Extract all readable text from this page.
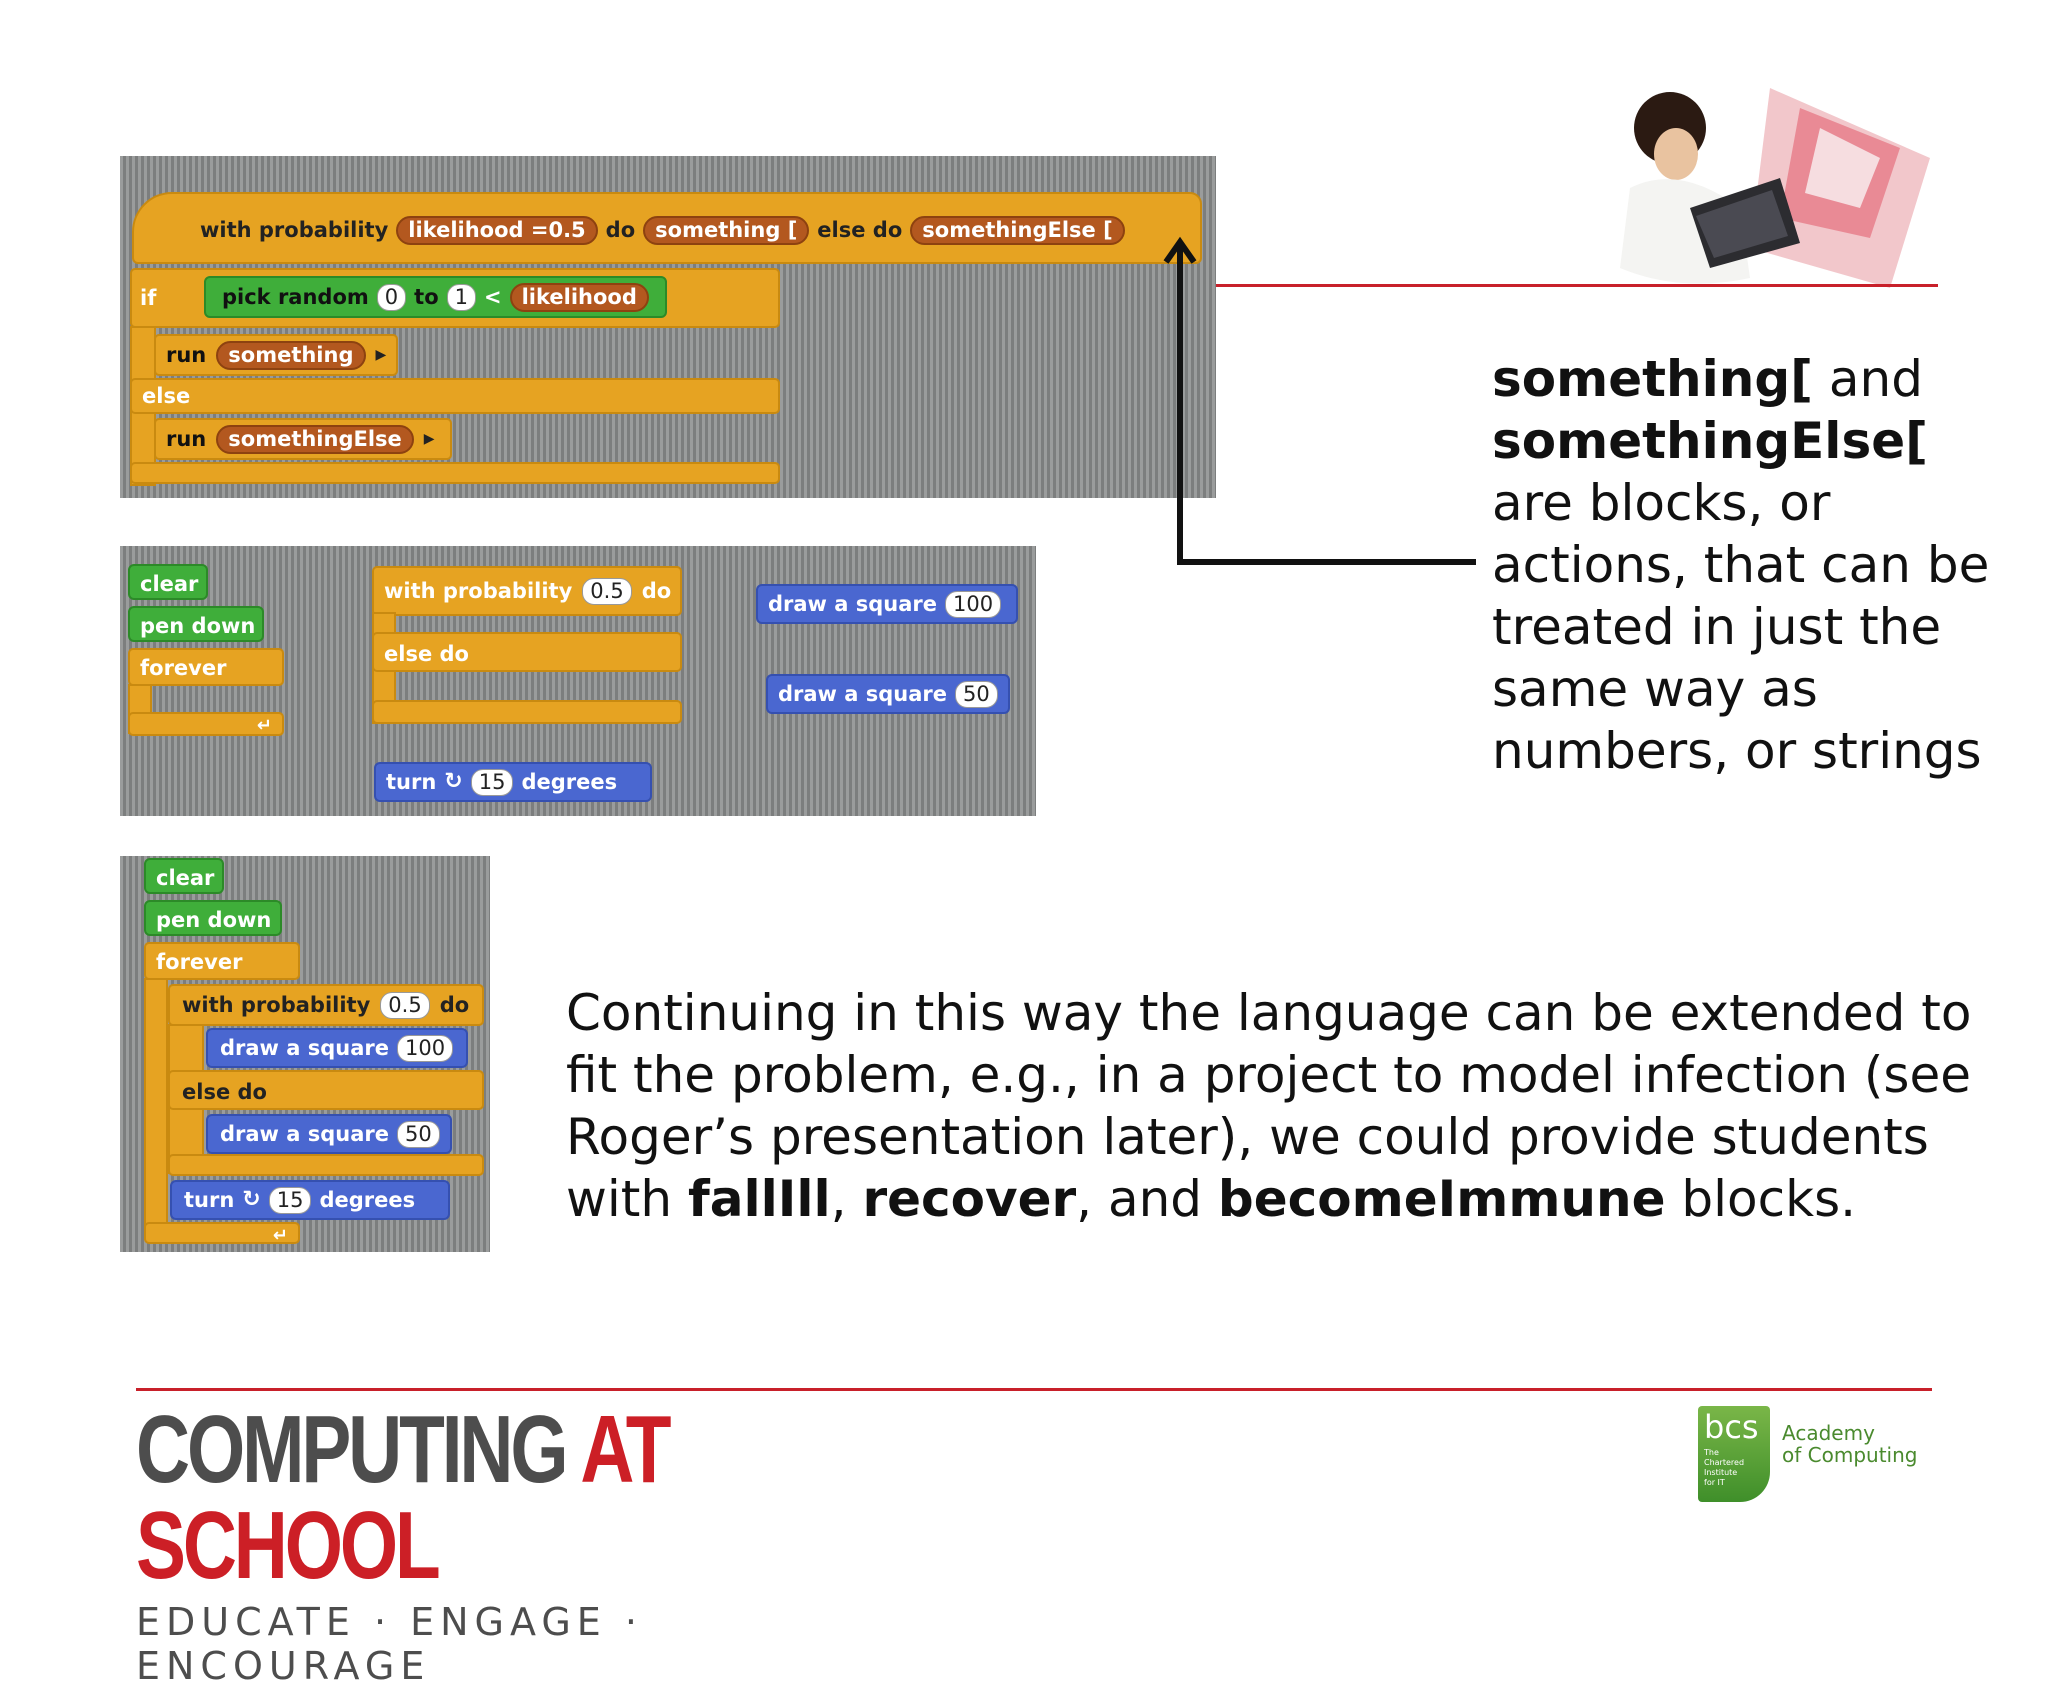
with probability likelihood =0.5 do something [ else do somethingElse [
if	pick random 0 to 1 < likelihood
run	something	▶
else
run	somethingElse	▶
clear
pen down
forever
↵
with probability 0.5 do
else do
turn ↻ 15 degrees
draw a square 100
draw a square 50
clear
pen down
forever
with probability 0.5 do
draw a square 100
else do
draw a square 50
turn ↻ 15 degrees
↵
something[ and
somethingElse[
are blocks, or actions, that can be treated in just the same way as numbers, or strings
Continuing in this way the language can be extended to fit the problem, e.g., in a project to model infection (see Roger’s presentation later), we could provide students with fallIll, recover, and becomeImmune blocks.
COMPUTING AT SCHOOL
EDUCATE · ENGAGE · ENCOURAGE
bcs
The Chartered Institute for IT
Academy
of Computing
